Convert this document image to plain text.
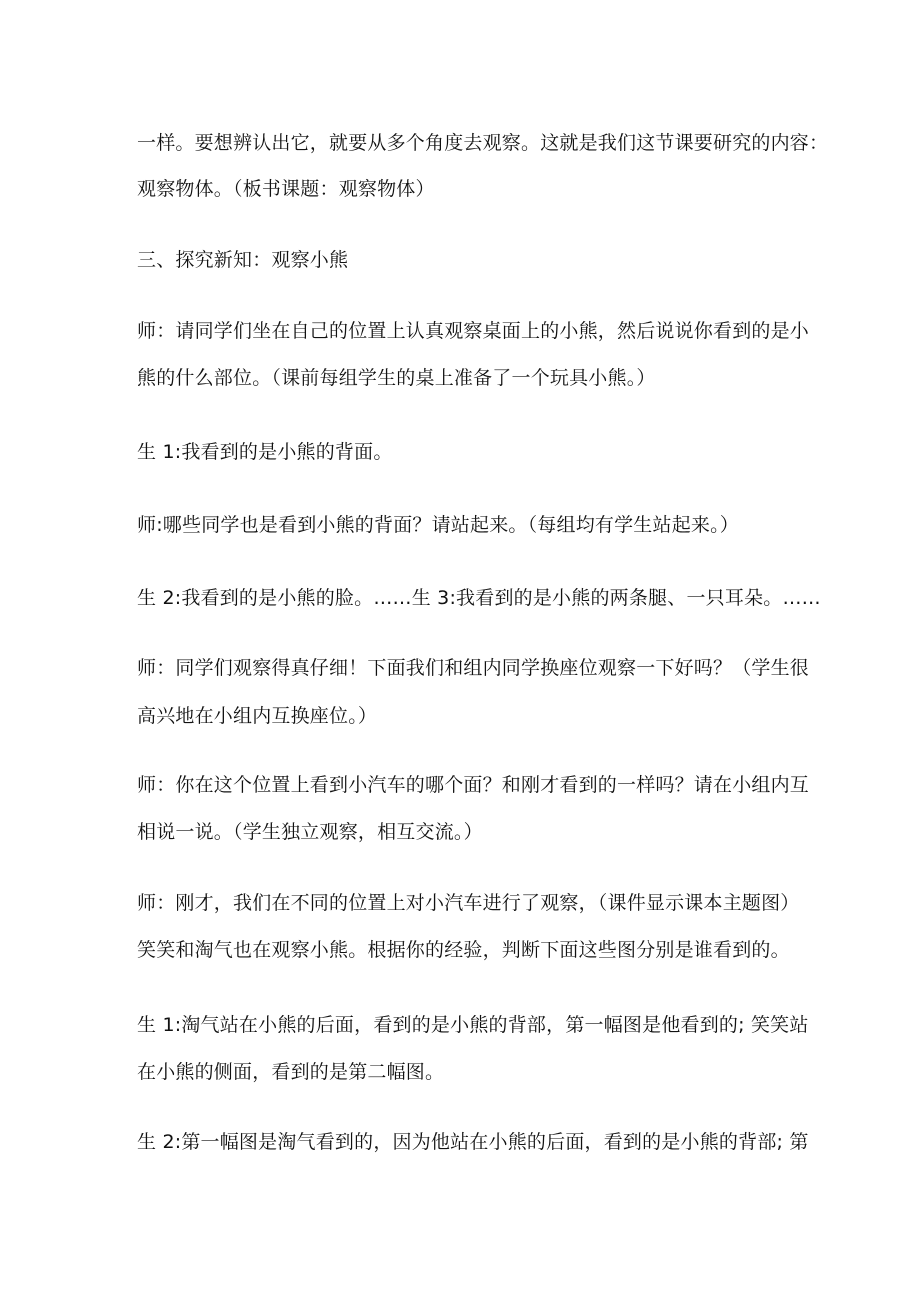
一样。要想辨认出它，就要从多个角度去观察。这就是我们这节课要研究的内容：
观察物体。（板书课题：观察物体）
三、探究新知：观察小熊
师：请同学们坐在自己的位置上认真观察桌面上的小熊，然后说说你看到的是小
熊的什么部位。（课前每组学生的桌上准备了一个玩具小熊。）
生 1:我看到的是小熊的背面。
师:哪些同学也是看到小熊的背面？请站起来。（每组均有学生站起来。）
生 2:我看到的是小熊的脸。……生 3:我看到的是小熊的两条腿、一只耳朵。……
师：同学们观察得真仔细！下面我们和组内同学换座位观察一下好吗？（学生很
高兴地在小组内互换座位。）
师：你在这个位置上看到小汽车的哪个面？和刚才看到的一样吗？请在小组内互
相说一说。（学生独立观察，相互交流。）
师：刚才，我们在不同的位置上对小汽车进行了观察，（课件显示课本主题图）
笑笑和淘气也在观察小熊。根据你的经验，判断下面这些图分别是谁看到的。
生 1:淘气站在小熊的后面，看到的是小熊的背部，第一幅图是他看到的; 笑笑站
在小熊的侧面，看到的是第二幅图。
生 2:第一幅图是淘气看到的，因为他站在小熊的后面，看到的是小熊的背部; 第
